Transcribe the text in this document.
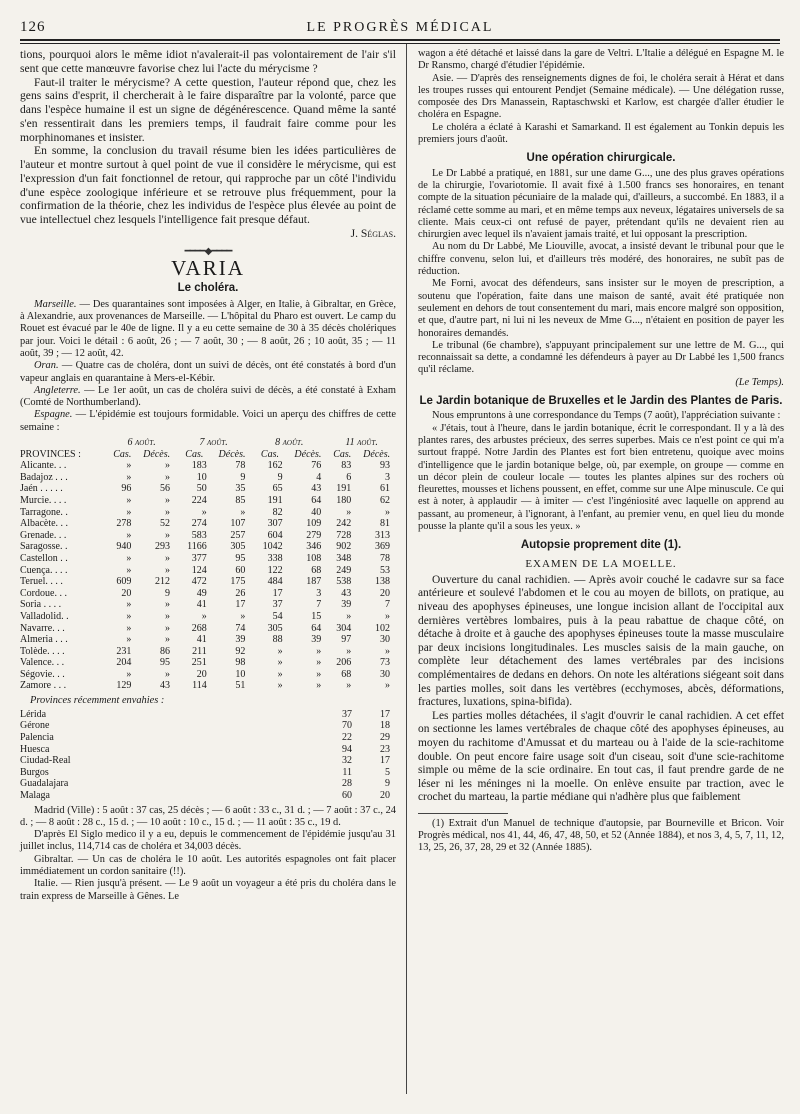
126	LE PROGRÈS MÉDICAL

tions, pourquoi alors le même idiot n'avalerait-il pas volontairement de l'air s'il sent que cette manœuvre favorise chez lui l'acte du mérycisme ?

Faut-il traiter le mérycisme? A cette question, l'auteur répond que, chez les gens sains d'esprit, il chercherait à le faire disparaître par la volonté, parce que dans l'espèce humaine il est un signe de dégénérescence. Quand même la santé s'en ressentirait dans les premiers temps, il faudrait faire comme pour les morphinomanes et insister.

En somme, la conclusion du travail résume bien les idées particulières de l'auteur et montre surtout à quel point de vue il considère le mérycisme, qui est l'expression d'un fait fonctionnel de retour, qui rapproche par un côté l'individu d'une espèce zoologique inférieure et se retrouve plus fréquemment, pour la confirmation de la théorie, chez les individus de l'espèce plus élevée au point de vue intellectuel chez lesquels l'intelligence fait presque défaut.

J. Séglas.

━━━━◆━━━━
VARIA
Le choléra.

Marseille. — Des quarantaines sont imposées à Alger, en Italie, à Gibraltar, en Grèce, à Alexandrie, aux provenances de Marseille. — L'hôpital du Pharo est ouvert. Le camp du Rouet est évacué par le 40e de ligne. Il y a eu cette semaine de 30 à 35 décès cholériques par jour. Voici le détail : 6 août, 26 ; — 7 août, 30 ; — 8 août, 26 ; 10 août, 35 ; — 11 août, 39 ; — 12 août, 42.

Oran. — Quatre cas de choléra, dont un suivi de décès, ont été constatés à bord d'un vapeur anglais en quarantaine à Mers-el-Kébir.

Angleterre. — Le 1er août, un cas de choléra suivi de décès, a été constaté à Exham (Comté de Northumberland).

Espagne. — L'épidémie est toujours formidable. Voici un aperçu des chiffres de cette semaine :

	6 août.		7 août.		8 août.		11 août.	
PROVINCES :	Cas.	Décès.	Cas.	Décès.	Cas.	Décès.	Cas.	Décès.
Alicante. . .	»	»	183	78	162	76	83	93
Badajoz . . .	»	»	10	9	9	4	6	3
Jaén . . . . .	96	56	50	35	65	43	191	61
Murcie. . . .	»	»	224	85	191	64	180	62
Tarragone. .	»	»	»	»	82	40	»	»
Albacète. . .	278	52	274	107	307	109	242	81
Grenade. . .	»	»	583	257	604	279	728	313
Saragosse. .	940	293	1166	305	1042	346	902	369
Castellon . .	»	»	377	95	338	108	348	78
Cuença. . . .	»	»	124	60	122	68	249	53
Teruel. . . .	609	212	472	175	484	187	538	138
Cordoue. . .	20	9	49	26	17	3	43	20
Soria . . . .	»	»	41	17	37	7	39	7
Valladolid. .	»	»	»	»	54	15	»	»
Navarre. . .	»	»	268	74	305	64	304	102
Almeria . . .	»	»	41	39	88	39	97	30
Tolède. . . .	231	86	211	92	»	»	»	»
Valence. . .	204	95	251	98	»	»	206	73
Ségovie. . .	»	»	20	10	»	»	68	30
Zamore . . .	129	43	114	51	»	»	»	»
Provinces récemment envahies :
Lérida	37	17
Gérone	70	18
Palencia	22	29
Huesca	94	23
Ciudad-Real	32	17
Burgos	11	5
Guadalajara	28	9
Malaga	60	20

Madrid (Ville) : 5 août : 37 cas, 25 décès ; — 6 août : 33 c., 31 d. ; — 7 août : 37 c., 24 d. ; — 8 août : 28 c., 15 d. ; — 10 août : 10 c., 15 d. ; — 11 août : 35 c., 19 d.

D'après El Siglo medico il y a eu, depuis le commencement de l'épidémie jusqu'au 31 juillet inclus, 114,714 cas de choléra et 34,003 décès.

Gibraltar. — Un cas de choléra le 10 août. Les autorités espagnoles ont fait placer immédiatement un cordon sanitaire (!!).

Italie. — Rien jusqu'à présent. — Le 9 août un voyageur a été pris du choléra dans le train express de Marseille à Gênes. Le

wagon a été détaché et laissé dans la gare de Veltri. L'Italie a délégué en Espagne M. le Dr Ransmo, chargé d'étudier l'épidémie.

Asie. — D'après des renseignements dignes de foi, le choléra serait à Hérat et dans les troupes russes qui entourent Pendjet (Semaine médicale). — Une délégation russe, composée des Drs Manassein, Raptaschwski et Karlow, est chargée d'aller étudier le choléra en Espagne.

Le choléra a éclaté à Karashi et Samarkand. Il est également au Tonkin depuis les premiers jours d'août.

Une opération chirurgicale.

Le Dr Labbé a pratiqué, en 1881, sur une dame G..., une des plus graves opérations de la chirurgie, l'ovariotomie. Il avait fixé à 1.500 francs ses honoraires, en tenant compte de la situation pécuniaire de la malade qui, d'ailleurs, a succombé. En 1883, il a réclamé cette somme au mari, et en même temps aux neveux, légataires universels de sa cliente. Mais ceux-ci ont refusé de payer, prétendant qu'ils ne devaient rien au chirurgien avec lequel ils n'avaient jamais traité, et lui opposant la prescription.

Au nom du Dr Labbé, Me Liouville, avocat, a insisté devant le tribunal pour que le chiffre convenu, selon lui, et d'ailleurs très modéré, des honoraires, ne subît pas de réduction.

Me Forni, avocat des défendeurs, sans insister sur le moyen de prescription, a soutenu que l'opération, faite dans une maison de santé, avait été pratiquée non seulement en dehors de tout consentement du mari, mais encore malgré son opposition, et que, d'autre part, ni lui ni les neveux de Mme G..., n'étaient en position de payer les honoraires demandés.

Le tribunal (6e chambre), s'appuyant principalement sur une lettre de M. G..., qui reconnaissait sa dette, a condamné les défendeurs à payer au Dr Labbé les 1,500 francs qu'il réclame.

(Le Temps).

Le Jardin botanique de Bruxelles et le Jardin des Plantes de Paris.

Nous empruntons à une correspondance du Temps (7 août), l'appréciation suivante :

« J'étais, tout à l'heure, dans le jardin botanique, écrit le correspondant. Il y a là des plantes rares, des arbustes précieux, des serres superbes. Mais ce n'est point ce qui m'a surtout frappé. Notre Jardin des Plantes est fort bien entretenu, quoique avec moins d'intelligence que le jardin botanique belge, où, par exemple, on groupe — comme en un décor plein de couleur locale — toutes les plantes alpines sur des rochers où fleurettes, mousses et lichens poussent, en effet, comme sur une Alpe minuscule. Ce qui est à noter, à applaudir — à imiter — c'est l'ingéniosité avec laquelle on apprend au passant, au promeneur, à l'ignorant, à l'enfant, au premier venu, en quel lieu du monde pousse la plante qu'il a sous les yeux. »

Autopsie proprement dite (1).
EXAMEN DE LA MOELLE.

Ouverture du canal rachidien. — Après avoir couché le cadavre sur sa face antérieure et soulevé l'abdomen et le cou au moyen de billots, on pratique, au niveau des apophyses épineuses, une longue incision allant de l'occipital aux dernières vertèbres lombaires, puis à la peau rabattue de chaque côté, on détache à droite et à gauche des apophyses épineuses toute la masse musculaire par deux incisions longitudinales. Les muscles saisis de la main gauche, on complète leur détachement des lames vertébrales par des incisions complémentaires de dedans en dehors. On note les altérations siégeant soit dans les parties molles, soit dans les vertèbres (ecchymoses, abcès, déformations, fractures, luxations, spina-bifida).

Les parties molles détachées, il s'agit d'ouvrir le canal rachidien. A cet effet on sectionne les lames vertébrales de chaque côté des apophyses épineuses, au moyen du rachitome d'Amussat et du marteau ou à l'aide de la scie-rachitome double. On peut encore faire usage soit d'un ciseau, soit d'une scie-rachitome simple ou même de la scie ordinaire. En tout cas, il faut prendre garde de ne léser ni les méninges ni la moelle. On enlève ensuite par traction, avec le crochet du marteau, la partie médiane qui n'adhère plus que faiblement

(1) Extrait d'un Manuel de technique d'autopsie, par Bourneville et Bricon. Voir Progrès médical, nos 41, 44, 46, 47, 48, 50, et 52 (Année 1884), et nos 3, 4, 5, 7, 11, 12, 13, 25, 26, 37, 28, 29 et 32 (Année 1885).
